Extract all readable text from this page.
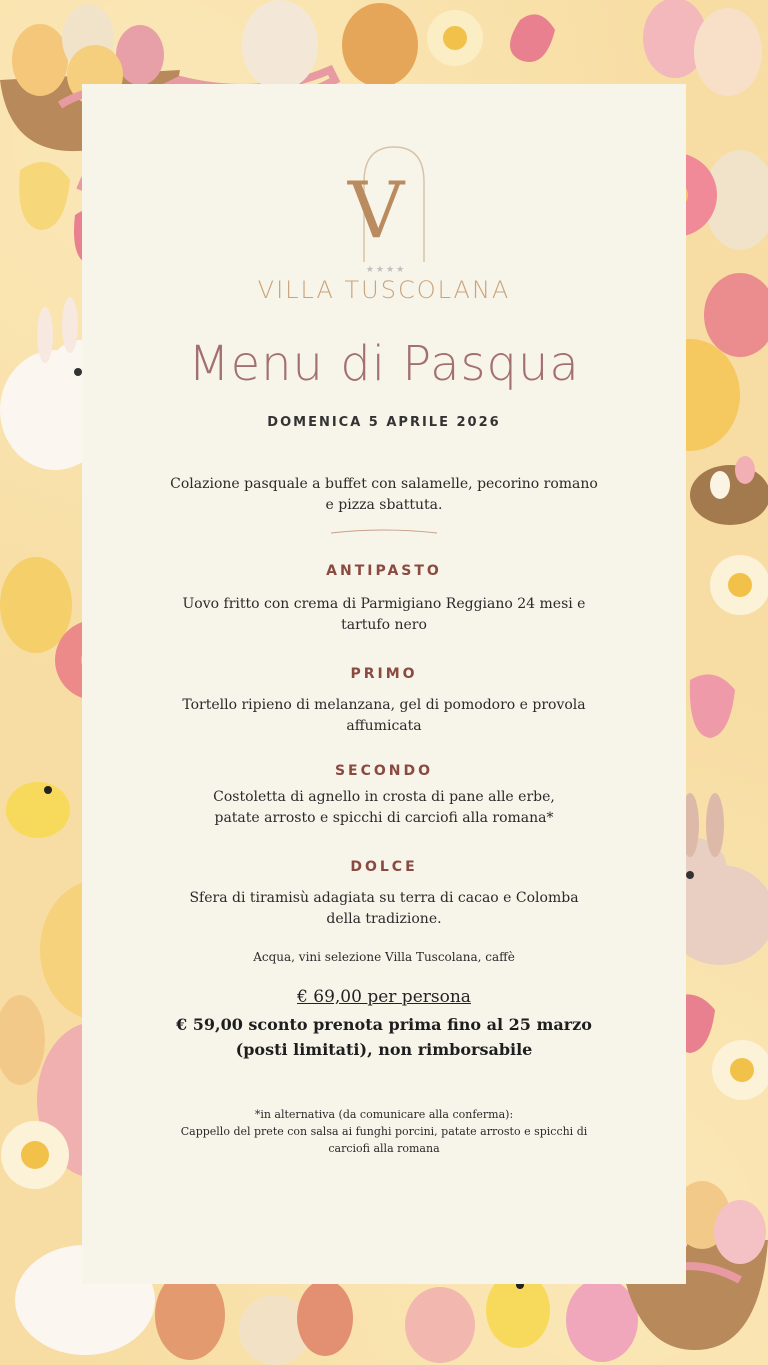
V
★★★★
VILLA TUSCOLANA
Menu di Pasqua
DOMENICA 5 APRILE 2026
Colazione pasquale a buffet con salamelle, pecorino romano e pizza sbattuta.
ANTIPASTO
Uovo fritto con crema di Parmigiano Reggiano 24 mesi e tartufo nero
PRIMO
Tortello ripieno di melanzana, gel di pomodoro e provola affumicata
SECONDO
Costoletta di agnello in crosta di pane alle erbe, patate arrosto e spicchi di carciofi alla romana*
DOLCE
Sfera di tiramisù adagiata su terra di cacao e Colomba della tradizione.
Acqua, vini selezione Villa Tuscolana, caffè
€ 69,00 per persona
€ 59,00 sconto prenota prima fino al 25 marzo (posti limitati), non rimborsabile
*in alternativa (da comunicare alla conferma):
Cappello del prete con salsa ai funghi porcini, patate arrosto e spicchi di carciofi alla romana
